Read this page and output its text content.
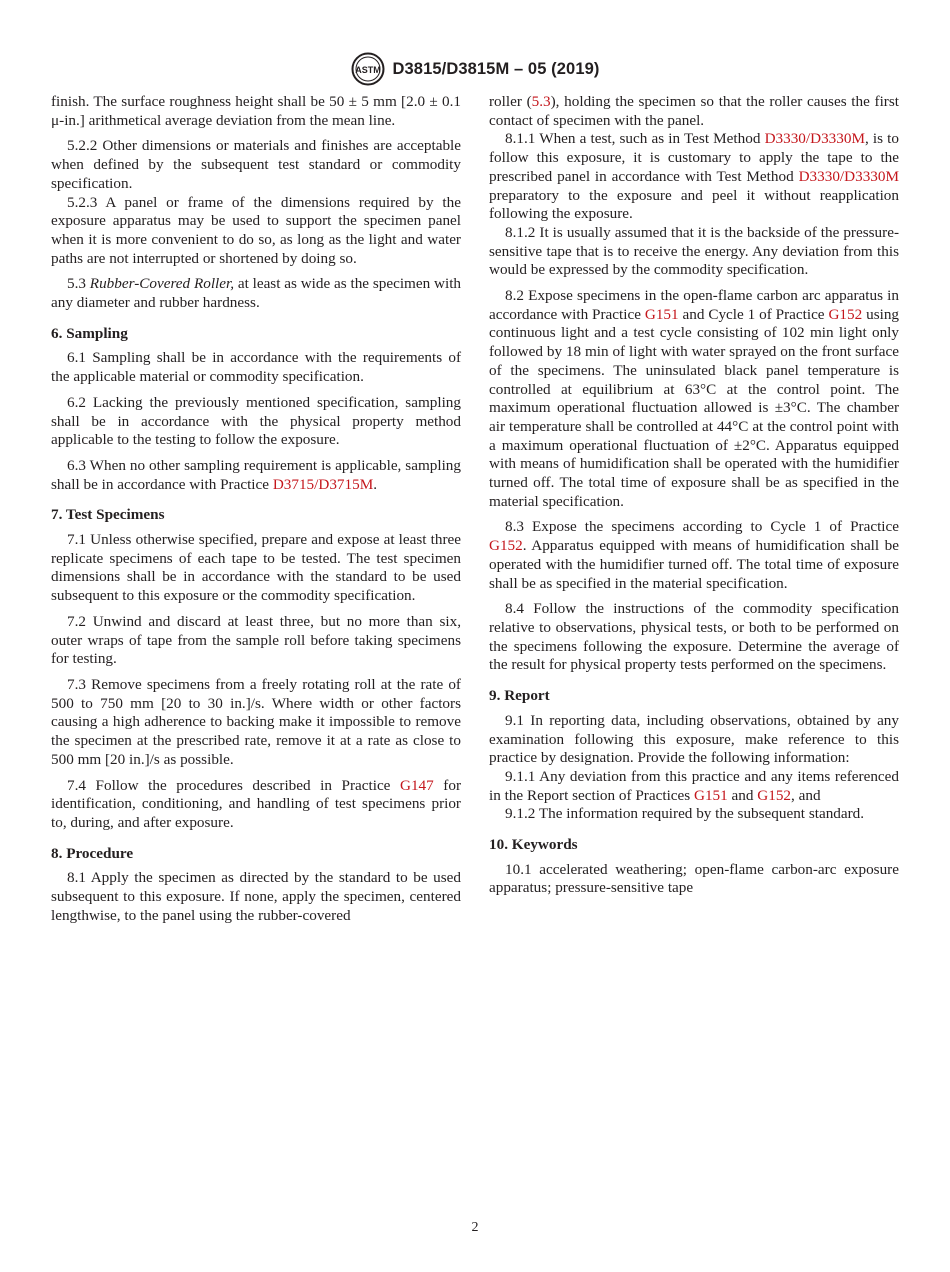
ASTM D3815/D3815M – 05 (2019)

finish. The surface roughness height shall be 50 ± 5 mm [2.0 ± 0.1 μ-in.] arithmetical average deviation from the mean line.

5.2.2 Other dimensions or materials and finishes are acceptable when defined by the subsequent test standard or commodity specification.

5.2.3 A panel or frame of the dimensions required by the exposure apparatus may be used to support the specimen panel when it is more convenient to do so, as long as the light and water paths are not interrupted or shortened by doing so.

5.3 Rubber-Covered Roller, at least as wide as the specimen with any diameter and rubber hardness.

6. Sampling

6.1 Sampling shall be in accordance with the requirements of the applicable material or commodity specification.

6.2 Lacking the previously mentioned specification, sampling shall be in accordance with the physical property method applicable to the testing to follow the exposure.

6.3 When no other sampling requirement is applicable, sampling shall be in accordance with Practice D3715/D3715M.

7. Test Specimens

7.1 Unless otherwise specified, prepare and expose at least three replicate specimens of each tape to be tested. The test specimen dimensions shall be in accordance with the standard to be used subsequent to this exposure or the commodity specification.

7.2 Unwind and discard at least three, but no more than six, outer wraps of tape from the sample roll before taking specimens for testing.

7.3 Remove specimens from a freely rotating roll at the rate of 500 to 750 mm [20 to 30 in.]/s. Where width or other factors causing a high adherence to backing make it impossible to remove the specimen at the prescribed rate, remove it at a rate as close to 500 mm [20 in.]/s as possible.

7.4 Follow the procedures described in Practice G147 for identification, conditioning, and handling of test specimens prior to, during, and after exposure.

8. Procedure

8.1 Apply the specimen as directed by the standard to be used subsequent to this exposure. If none, apply the specimen, centered lengthwise, to the panel using the rubber-covered

roller (5.3), holding the specimen so that the roller causes the first contact of specimen with the panel.

8.1.1 When a test, such as in Test Method D3330/D3330M, is to follow this exposure, it is customary to apply the tape to the prescribed panel in accordance with Test Method D3330/D3330M preparatory to the exposure and peel it without reapplication following the exposure.

8.1.2 It is usually assumed that it is the backside of the pressure-sensitive tape that is to receive the energy. Any deviation from this would be expressed by the commodity specification.

8.2 Expose specimens in the open-flame carbon arc apparatus in accordance with Practice G151 and Cycle 1 of Practice G152 using continuous light and a test cycle consisting of 102 min light only followed by 18 min of light with water sprayed on the front surface of the specimens. The uninsulated black panel temperature is controlled at equilibrium at 63°C at the control point. The maximum operational fluctuation allowed is ±3°C. The chamber air temperature shall be controlled at 44°C at the control point with a maximum operational fluctuation of ±2°C. Apparatus equipped with means of humidification shall be operated with the humidifier turned off. The total time of exposure shall be as specified in the material specification.

8.3 Expose the specimens according to Cycle 1 of Practice G152. Apparatus equipped with means of humidification shall be operated with the humidifier turned off. The total time of exposure shall be as specified in the material specification.

8.4 Follow the instructions of the commodity specification relative to observations, physical tests, or both to be performed on the specimens following the exposure. Determine the average of the result for physical property tests performed on the specimens.

9. Report

9.1 In reporting data, including observations, obtained by any examination following this exposure, make reference to this practice by designation. Provide the following information:

9.1.1 Any deviation from this practice and any items referenced in the Report section of Practices G151 and G152, and

9.1.2 The information required by the subsequent standard.

10. Keywords

10.1 accelerated weathering; open-flame carbon-arc exposure apparatus; pressure-sensitive tape

2
